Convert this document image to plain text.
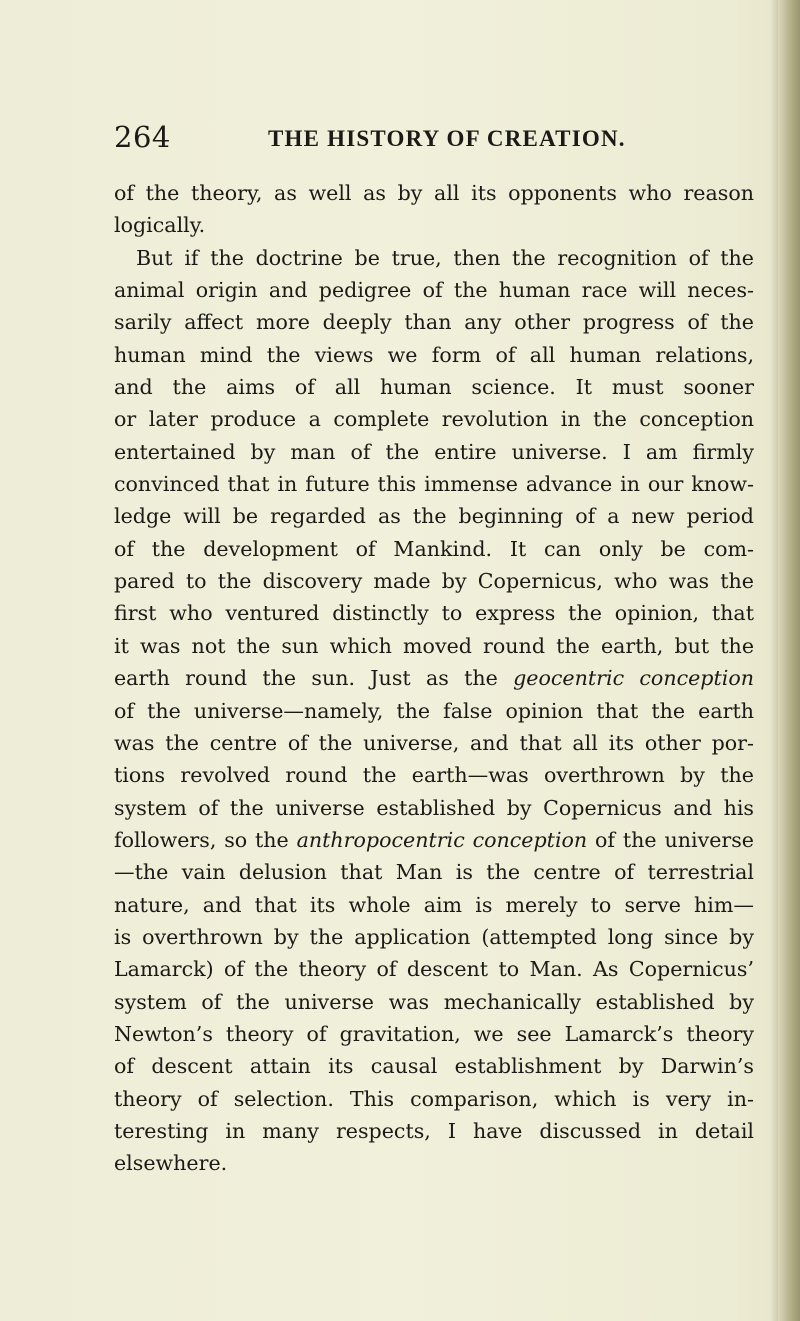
264	THE HISTORY OF CREATION.
of the theory, as well as by all its opponents who reason
logically.
But if the doctrine be true, then the recognition of the
animal origin and pedigree of the human race will neces-
sarily affect more deeply than any other progress of the
human mind the views we form of all human relations,
and the aims of all human science. It must sooner
or later produce a complete revolution in the conception
entertained by man of the entire universe. I am firmly
convinced that in future this immense advance in our know-
ledge will be regarded as the beginning of a new period
of the development of Mankind. It can only be com-
pared to the discovery made by Copernicus, who was the
first who ventured distinctly to express the opinion, that
it was not the sun which moved round the earth, but the
earth round the sun. Just as the geocentric conception
of the universe—namely, the false opinion that the earth
was the centre of the universe, and that all its other por-
tions revolved round the earth—was overthrown by the
system of the universe established by Copernicus and his
followers, so the anthropocentric conception of the universe
—the vain delusion that Man is the centre of terrestrial
nature, and that its whole aim is merely to serve him—
is overthrown by the application (attempted long since by
Lamarck) of the theory of descent to Man. As Copernicus’
system of the universe was mechanically established by
Newton’s theory of gravitation, we see Lamarck’s theory
of descent attain its causal establishment by Darwin’s
theory of selection. This comparison, which is very in-
teresting in many respects, I have discussed in detail
elsewhere.
